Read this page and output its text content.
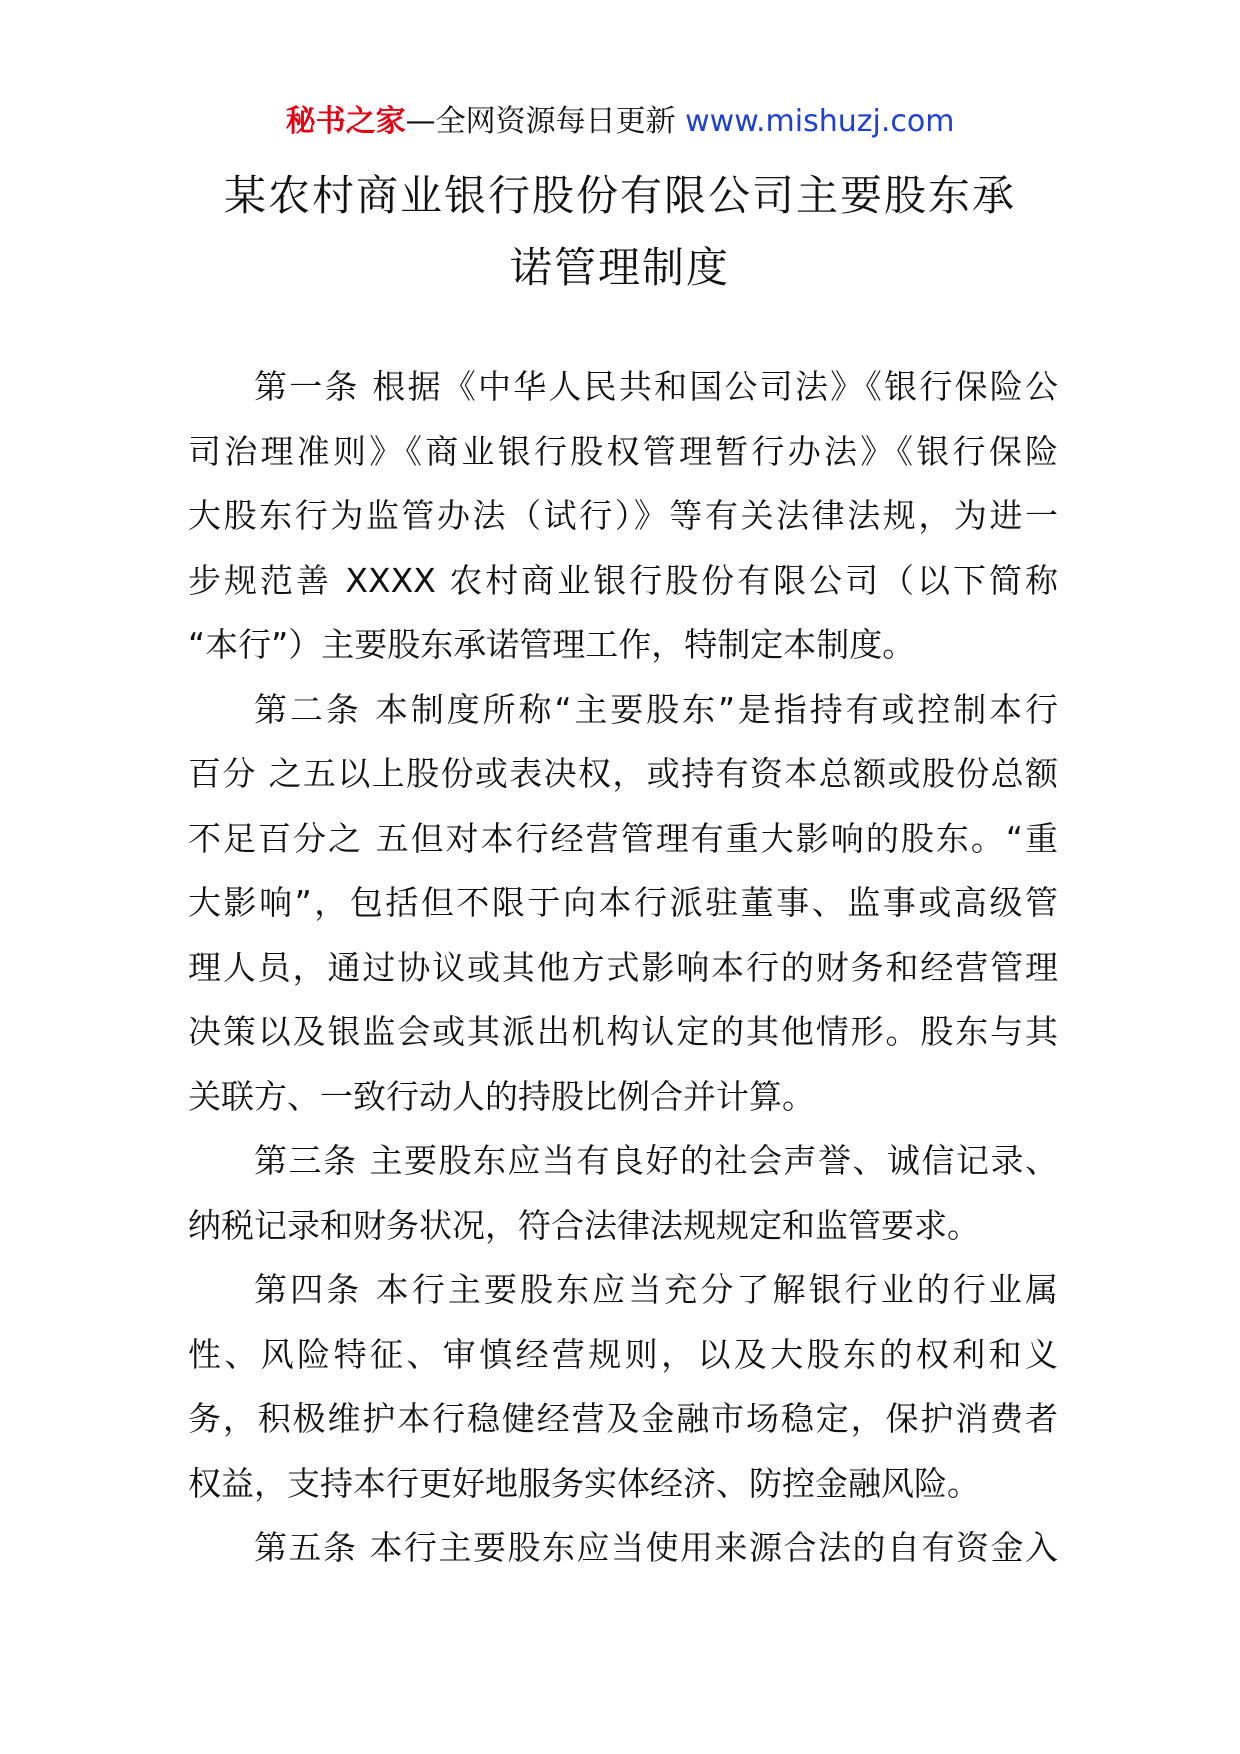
秘书之家—全网资源每日更新 www.mishuzj.com
某农村商业银行股份有限公司主要股东承
诺管理制度
第一条 根据《中华人民共和国公司法》《银行保险公
司治理准则》《商业银行股权管理暂行办法》《银行保险
大股东行为监管办法（试行）》等有关法律法规，为进一
步规范善 XXXX 农村商业银行股份有限公司（以下简称
“本行”）主要股东承诺管理工作，特制定本制度。
第二条 本制度所称“主要股东”是指持有或控制本行
百分 之五以上股份或表决权，或持有资本总额或股份总额
不足百分之 五但对本行经营管理有重大影响的股东。“重
大影响”，包括但不限于向本行派驻董事、监事或高级管
理人员，通过协议或其他方式影响本行的财务和经营管理
决策以及银监会或其派出机构认定的其他情形。股东与其
关联方、一致行动人的持股比例合并计算。
第三条 主要股东应当有良好的社会声誉、诚信记录、
纳税记录和财务状况，符合法律法规规定和监管要求。
第四条 本行主要股东应当充分了解银行业的行业属
性、风险特征、审慎经营规则，以及大股东的权利和义
务，积极维护本行稳健经营及金融市场稳定，保护消费者
权益，支持本行更好地服务实体经济、防控金融风险。
第五条 本行主要股东应当使用来源合法的自有资金入
